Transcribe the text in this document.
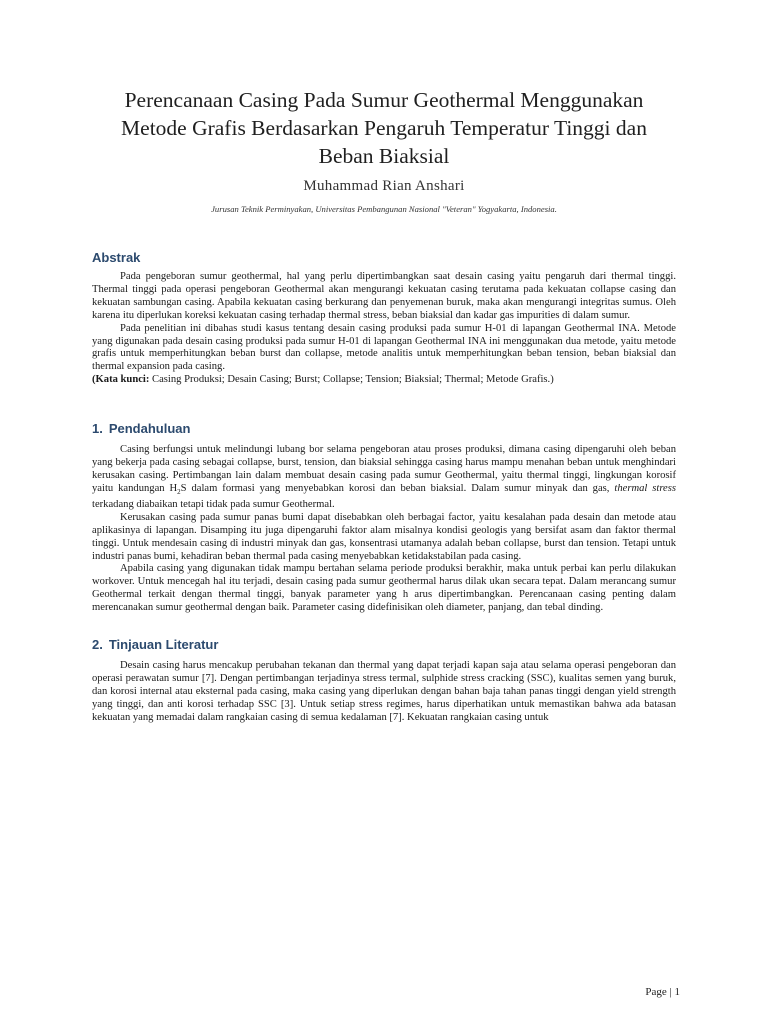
Perencanaan Casing Pada Sumur Geothermal Menggunakan Metode Grafis Berdasarkan Pengaruh Temperatur Tinggi dan Beban Biaksial
Muhammad Rian Anshari
Jurusan Teknik Perminyakan, Universitas Pembangunan Nasional "Veteran" Yogyakarta, Indonesia.
Abstrak

Pada pengeboran sumur geothermal, hal yang perlu dipertimbangkan saat desain casing yaitu pengaruh dari thermal tinggi. Thermal tinggi pada operasi pengeboran Geothermal akan mengurangi kekuatan casing terutama pada kekuatan collapse casing dan kekuatan sambungan casing. Apabila kekuatan casing berkurang dan penyemenan buruk, maka akan mengurangi integritas sumus. Oleh karena itu diperlukan koreksi kekuatan casing terhadap thermal stress, beban biaksial dan kadar gas impurities di dalam sumur.

Pada penelitian ini dibahas studi kasus tentang desain casing produksi pada sumur H-01 di lapangan Geothermal INA. Metode yang digunakan pada desain casing produksi pada sumur H-01 di lapangan Geothermal INA ini menggunakan dua metode, yaitu metode grafis untuk memperhitungkan beban burst dan collapse, metode analitis untuk memperhitungkan beban tension, beban biaksial dan thermal expansion pada casing.

(Kata kunci: Casing Produksi; Desain Casing; Burst; Collapse; Tension; Biaksial; Thermal; Metode Grafis.)
1. Pendahuluan

Casing berfungsi untuk melindungi lubang bor selama pengeboran atau proses produksi, dimana casing dipengaruhi oleh beban yang bekerja pada casing sebagai collapse, burst, tension, dan biaksial sehingga casing harus mampu menahan beban untuk menghindari kerusakan casing. Pertimbangan lain dalam membuat desain casing pada sumur Geothermal, yaitu thermal tinggi, lingkungan korosif yaitu kandungan $H_2S$ dalam formasi yang menyebabkan korosi dan beban biaksial. Dalam sumur minyak dan gas, thermal stress terkadang diabaikan tetapi tidak pada sumur Geothermal.

Kerusakan casing pada sumur panas bumi dapat disebabkan oleh berbagai factor, yaitu kesalahan pada desain dan metode atau aplikasinya di lapangan. Disamping itu juga dipengaruhi faktor alam misalnya kondisi geologis yang bersifat asam dan faktor thermal tinggi. Untuk mendesain casing di industri minyak dan gas, konsentrasi utamanya adalah beban collapse, burst dan tension. Tetapi untuk industri panas bumi, kehadiran beban thermal pada casing menyebabkan ketidakstabilan pada casing.

Apabila casing yang digunakan tidak mampu bertahan selama periode produksi berakhir, maka untuk perbai kan perlu dilakukan workover. Untuk mencegah hal itu terjadi, desain casing pada sumur geothermal harus dilak ukan secara tepat. Dalam merancang sumur Geothermal terkait dengan thermal tinggi, banyak parameter yang h arus dipertimbangkan. Perencanaan casing penting dalam merencanakan sumur geothermal dengan baik. Parameter casing didefinisikan oleh diameter, panjang, dan tebal dinding.

2. Tinjauan Literatur

Desain casing harus mencakup perubahan tekanan dan thermal yang dapat terjadi kapan saja atau selama operasi pengeboran dan operasi perawatan sumur [7]. Dengan pertimbangan terjadinya stress termal, sulphide stress cracking (SSC), kualitas semen yang buruk, dan korosi internal atau eksternal pada casing, maka casing yang diperlukan dengan bahan baja tahan panas tinggi dengan yield strength yang tinggi, dan anti korosi terhadap SSC [3]. Untuk setiap stress regimes, harus diperhatikan untuk memastikan bahwa ada batasan kekuatan yang memadai dalam rangkaian casing di semua kedalaman [7]. Kekuatan rangkaian casing untuk

Page | 1
